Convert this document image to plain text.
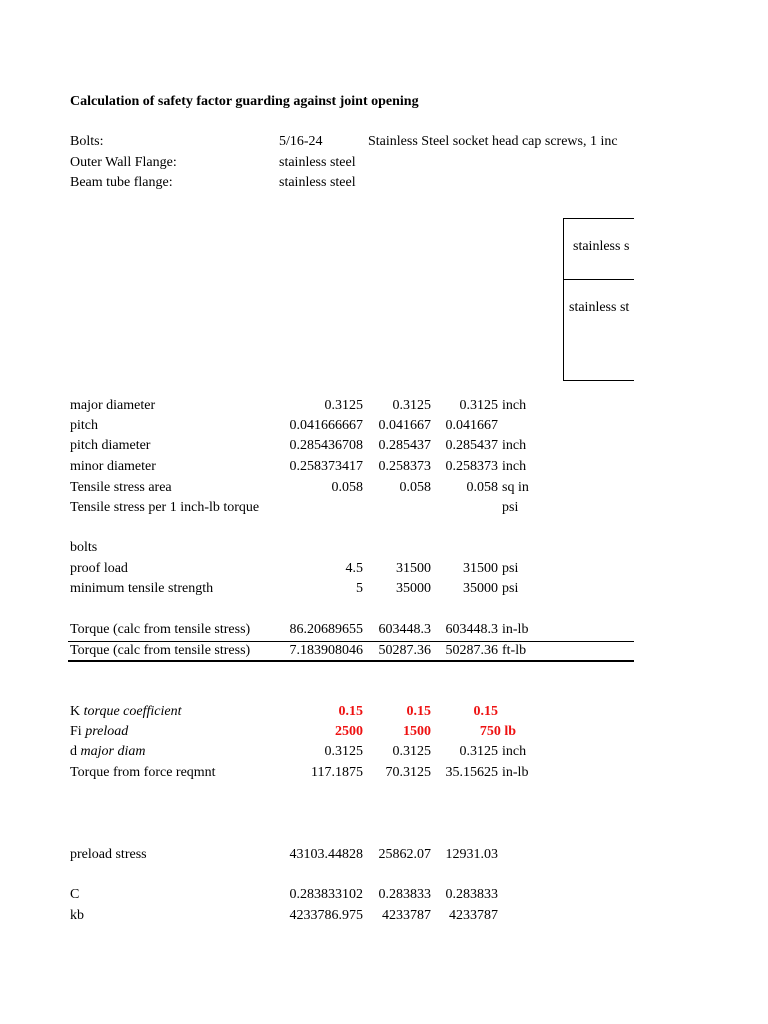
Calculation of safety factor guarding against joint opening
Bolts:	5/16-24	Stainless Steel socket head cap screws, 1 inc
Outer Wall Flange:	stainless steel
Beam tube flange:	stainless steel
stainless s
stainless st
major diameter	0.3125 0.3125 0.3125 inch
pitch	0.041666667 0.041667 0.041667
pitch diameter	0.285436708 0.285437 0.285437 inch
minor diameter	0.258373417 0.258373 0.258373 inch
Tensile stress area	0.058	0.058	0.058 sq in
Tensile stress per 1 inch-lb torque	psi
bolts
proof load	4.5 31500 31500 psi
minimum tensile strength	5 35000 35000 psi
Torque (calc from tensile stress)	86.20689655 603448.3 603448.3 in-lb
Torque (calc from tensile stress)	7.183908046 50287.36 50287.36 ft-lb
K torque coefficient	0.15	0.15	0.15
Fi preload	2500	1500	750 lb
d major diam	0.3125 0.3125 0.3125 inch
Torque from force reqmnt	117.1875 70.3125 35.15625 in-lb
preload stress	43103.44828 25862.07 12931.03
C	0.283833102 0.283833 0.283833
kb	4233786.975 4233787 4233787
